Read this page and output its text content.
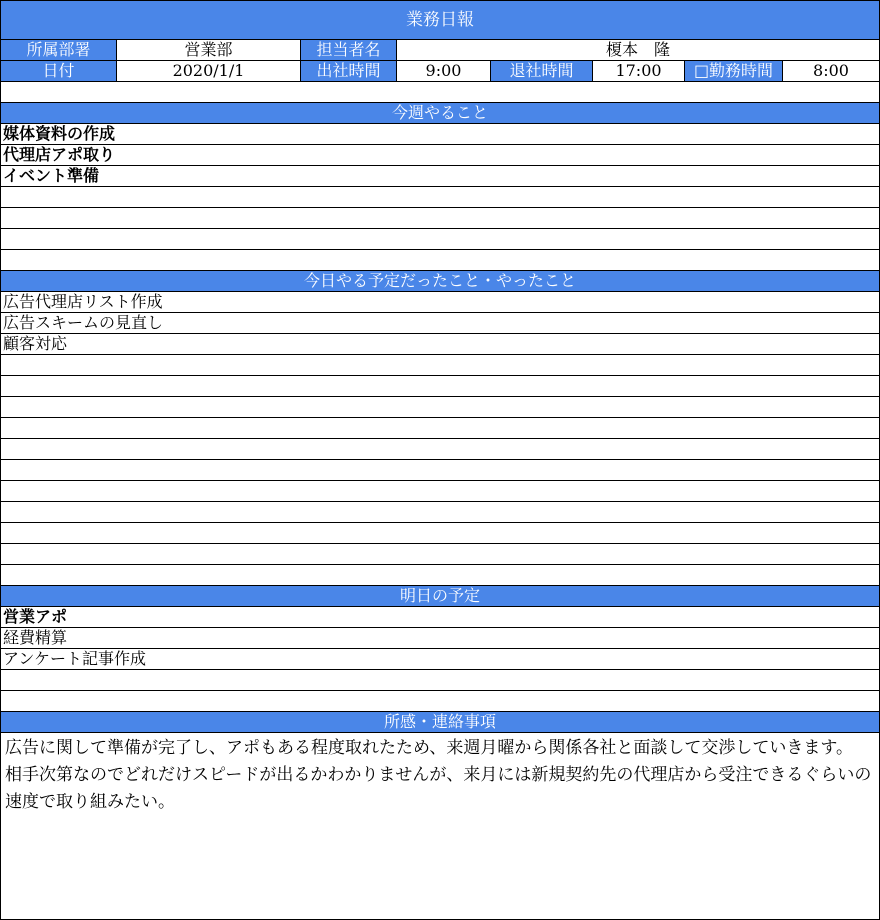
業務日報
所属部署	営業部	担当者名	榎本　隆
日付	2020/1/1	出社時間	9:00	退社時間	17:00	□勤務時間	8:00
今週やること
媒体資料の作成
代理店アポ取り
イベント準備
今日やる予定だったこと・やったこと
広告代理店リスト作成
広告スキームの見直し
顧客対応
明日の予定
営業アポ
経費精算
アンケート記事作成
所感・連絡事項

広告に関して準備が完了し、アポもある程度取れたため、来週月曜から関係各社と面談して交渉していきます。

相手次第なのでどれだけスピードが出るかわかりませんが、来月には新規契約先の代理店から受注できるぐらいの速度で取り組みたい。
